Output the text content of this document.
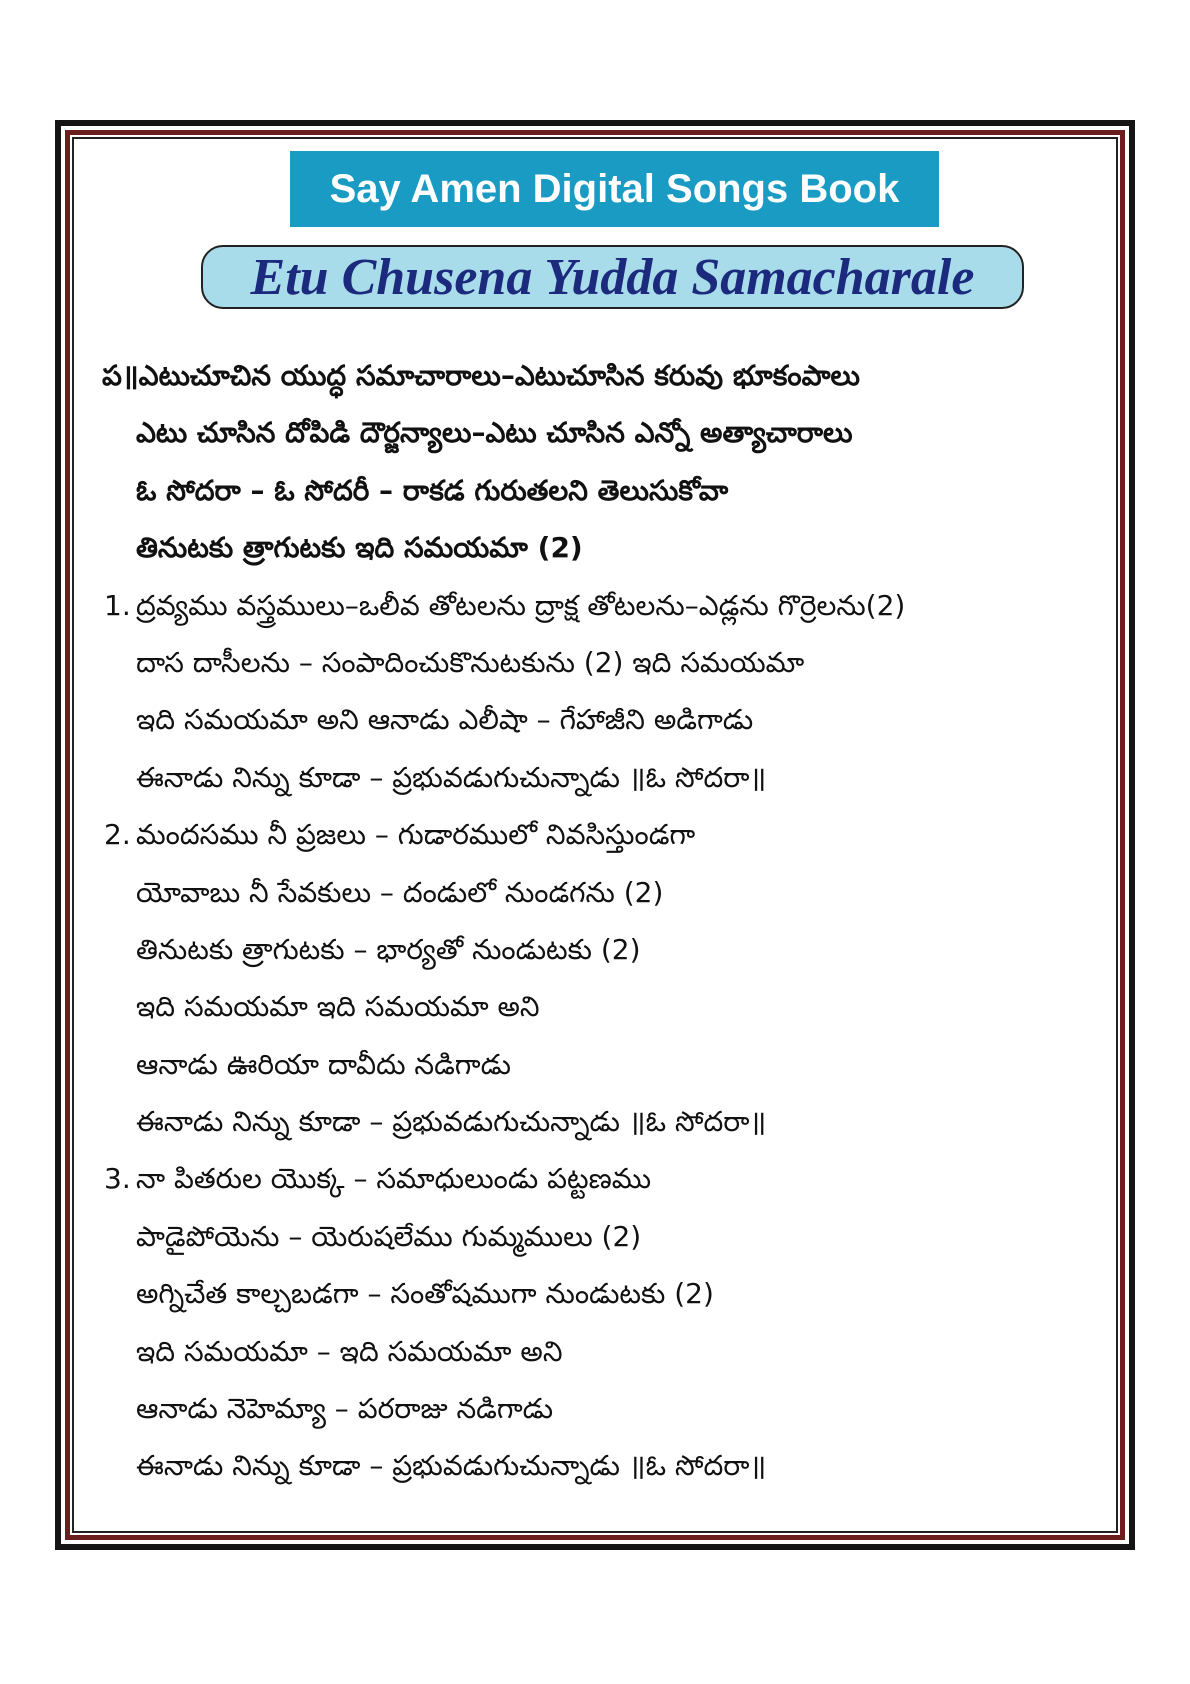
Say Amen Digital Songs Book
Etu Chusena Yudda Samacharale
ప॥ఎటుచూచిన యుద్ధ సమాచారాలు–ఎటుచూసిన కరువు భూకంపాలు
ఎటు చూసిన దోపిడి దౌర్జన్యాలు–ఎటు చూసిన ఎన్నో అత్యాచారాలు
ఓ సోదరా – ఓ సోదరీ – రాకడ గురుతలని తెలుసుకోవా
తినుటకు త్రాగుటకు ఇది సమయమా (2)
1. ద్రవ్యము వస్త్రములు–ఒలీవ తోటలను ద్రాక్ష తోటలను–ఎడ్లను గొర్రెలను(2)
దాస దాసీలను – సంపాదించుకొనుటకును (2) ఇది సమయమా
ఇది సమయమా అని ఆనాడు ఎలీషా – గేహాజీని అడిగాడు
ఈనాడు నిన్ను కూడా – ప్రభువడుగుచున్నాడు ॥ఓ సోదరా॥
2. మందసము నీ ప్రజలు – గుడారములో నివసిస్తుండగా
యోవాబు నీ సేవకులు – దండులో నుండగను (2)
తినుటకు త్రాగుటకు – భార్యతో నుండుటకు (2)
ఇది సమయమా ఇది సమయమా అని
ఆనాడు ఊరియా దావీదు నడిగాడు
ఈనాడు నిన్ను కూడా – ప్రభువడుగుచున్నాడు ॥ఓ సోదరా॥
3. నా పితరుల యొక్క – సమాధులుండు పట్టణము
పాడైపోయెను – యెరుషలేము గుమ్మములు (2)
అగ్నిచేత కాల్చబడగా – సంతోషముగా నుండుటకు (2)
ఇది సమయమా – ఇది సమయమా అని
ఆనాడు నెహెమ్యా – పరరాజు నడిగాడు
ఈనాడు నిన్ను కూడా – ప్రభువడుగుచున్నాడు ॥ఓ సోదరా॥
